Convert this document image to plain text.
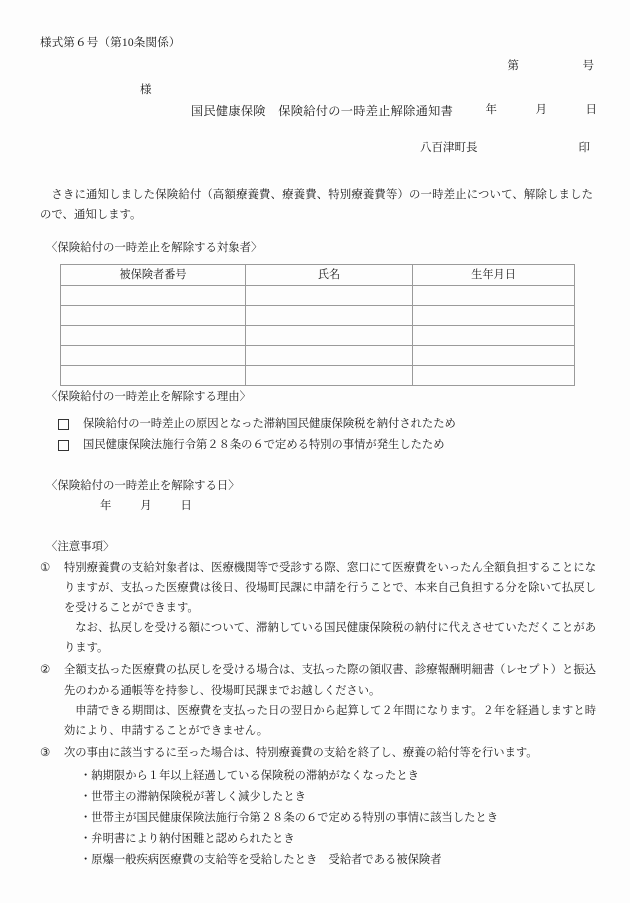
様式第６号（第10条関係）

第　　　　　号

年　　　月　　　日

様
国民健康保険　保険給付の一時差止解除通知書
八百津町長	印
さきに通知しました保険給付（高額療養費、療養費、特別療養費等）の一時差止について、解除しましたので、通知します。
〈保険給付の一時差止を解除する対象者〉
被保険者番号	氏名	生年月日

〈保険給付の一時差止を解除する理由〉
保険給付の一時差止の原因となった滞納国民健康保険税を納付されたため
国民健康保険法施行令第２８条の６で定める特別の事情が発生したため
〈保険給付の一時差止を解除する日〉
年 月 日
〈注意事項〉
①	特別療養費の支給対象者は、医療機関等で受診する際、窓口にて医療費をいったん全額負担することになりますが、支払った医療費は後日、役場町民課に申請を行うことで、本来自己負担する分を除いて払戻しを受けることができます。

なお、払戻しを受ける額について、滞納している国民健康保険税の納付に代えさせていただくことがあります。

②	全額支払った医療費の払戻しを受ける場合は、支払った際の領収書、診療報酬明細書（レセプト）と振込先のわかる通帳等を持参し、役場町民課までお越しください。

申請できる期間は、医療費を支払った日の翌日から起算して２年間になります。２年を経過しますと時効により、申請することができません。

③	次の事由に該当するに至った場合は、特別療養費の支給を終了し、療養の給付等を行います。

・納期限から１年以上経過している保険税の滞納がなくなったとき
・世帯主の滞納保険税が著しく減少したとき
・世帯主が国民健康保険法施行令第２８条の６で定める特別の事情に該当したとき
・弁明書により納付困難と認められたとき
・原爆一般疾病医療費の支給等を受給したとき　受給者である被保険者
